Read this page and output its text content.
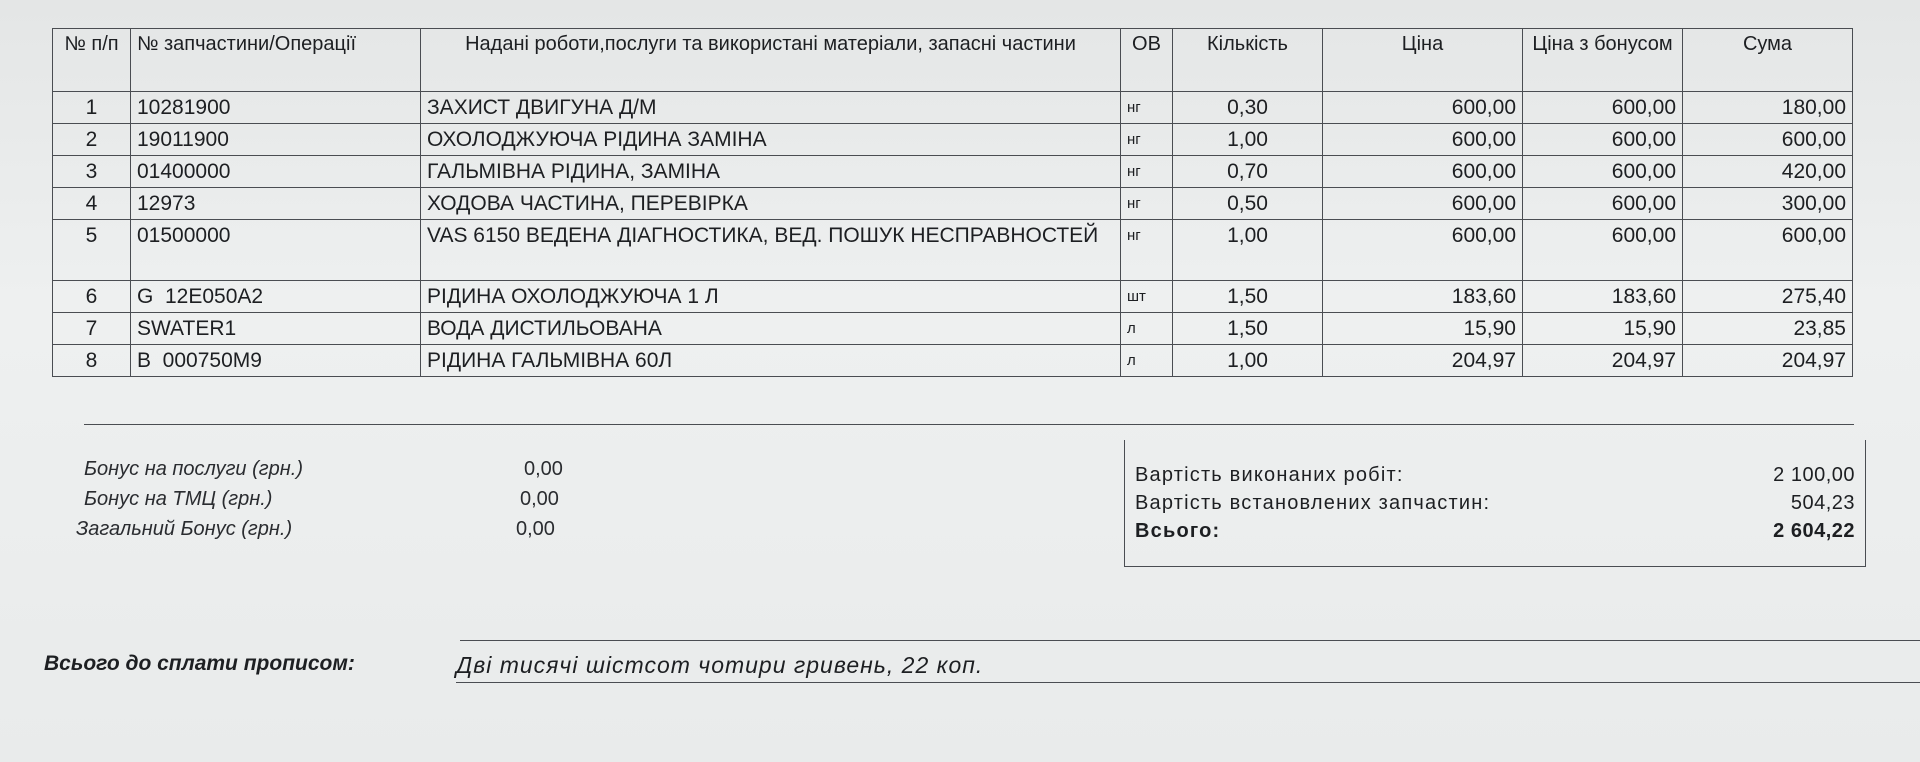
№ п/п	№ запчастини/Операції	Надані роботи,послуги та використані матеріали, запасні частини	ОВ	Кількість	Ціна	Ціна з бонусом	Сума
1	10281900	ЗАХИСТ ДВИГУНА Д/М	нг	0,30	600,00	600,00	180,00
2	19011900	ОХОЛОДЖУЮЧА РІДИНА ЗАМІНА	нг	1,00	600,00	600,00	600,00
3	01400000	ГАЛЬМІВНА РІДИНА, ЗАМІНА	нг	0,70	600,00	600,00	420,00
4	12973	ХОДОВА ЧАСТИНА, ПЕРЕВІРКА	нг	0,50	600,00	600,00	300,00
5	01500000	VAS 6150 ВЕДЕНА ДІАГНОСТИКА, ВЕД. ПОШУК НЕСПРАВНОСТЕЙ	нг	1,00	600,00	600,00	600,00
6	G  12E050A2	РІДИНА ОХОЛОДЖУЮЧА 1 Л	шт	1,50	183,60	183,60	275,40
7	SWATER1	ВОДА ДИСТИЛЬОВАНА	л	1,50	15,90	15,90	23,85
8	B  000750M9	РІДИНА ГАЛЬМІВНА 60Л	л	1,00	204,97	204,97	204,97
Бонус на послуги (грн.)	0,00
Бонус на ТМЦ (грн.)	0,00
Загальний Бонус (грн.)	0,00
Вартість виконаних робіт:	2 100,00
Вартість встановлених запчастин:	504,23
Всього:	2 604,22
Всього до сплати прописом:	Дві тисячі шістсот чотири гривень, 22 коп.
